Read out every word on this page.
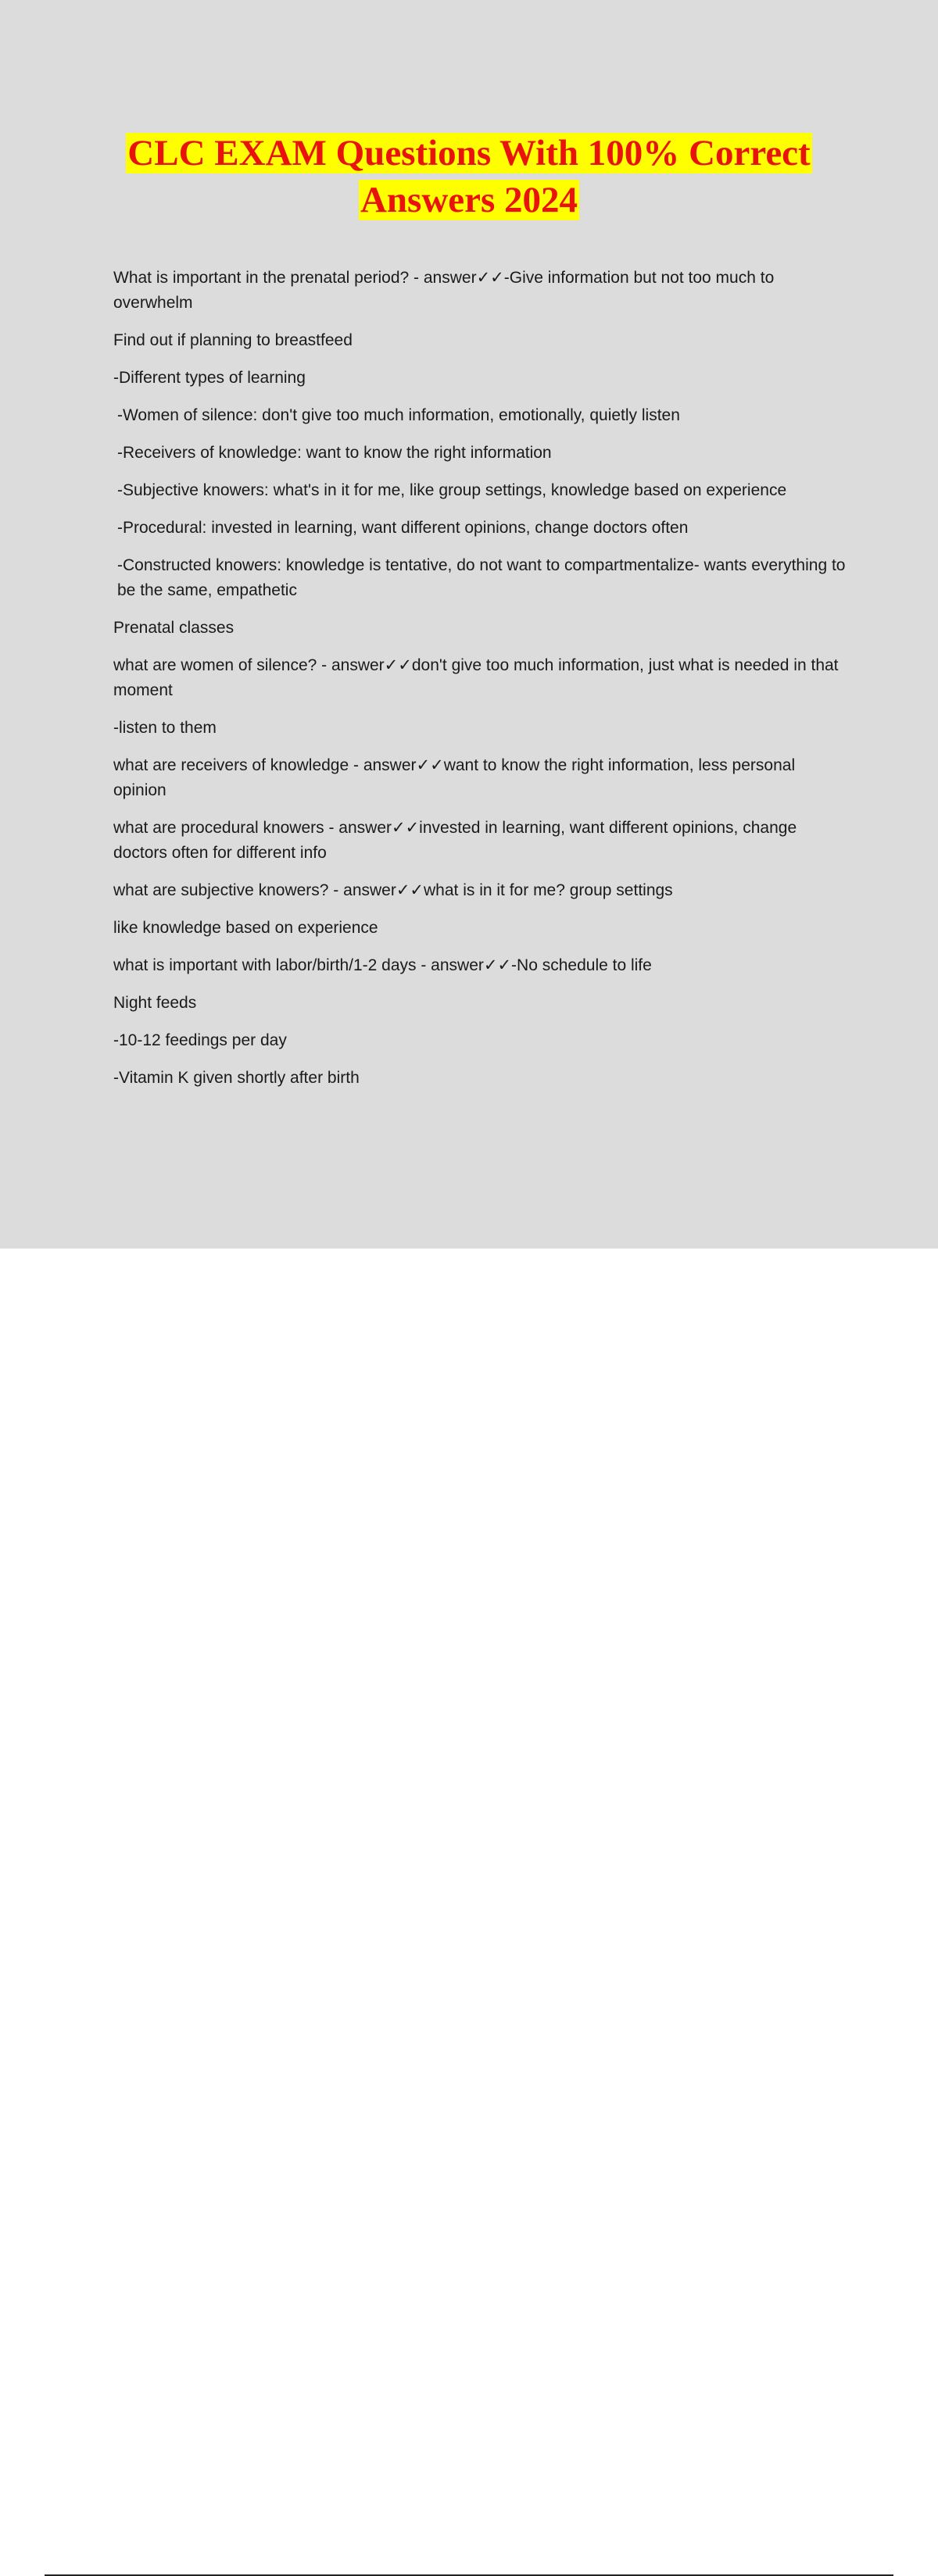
CLC EXAM Questions With 100% Correct
Answers 2024

What is important in the prenatal period? - answer✓✓-Give information but not too much to overwhelm

Find out if planning to breastfeed

-Different types of learning

-Women of silence: don't give too much information, emotionally, quietly listen

-Receivers of knowledge: want to know the right information

-Subjective knowers: what's in it for me, like group settings, knowledge based on experience

-Procedural: invested in learning, want different opinions, change doctors often

-Constructed knowers: knowledge is tentative, do not want to compartmentalize- wants everything to be the same, empathetic

Prenatal classes

what are women of silence? - answer✓✓don't give too much information, just what is needed in that moment

-listen to them

what are receivers of knowledge - answer✓✓want to know the right information, less personal opinion

what are procedural knowers - answer✓✓invested in learning, want different opinions, change doctors often for different info

what are subjective knowers? - answer✓✓what is in it for me? group settings

like knowledge based on experience

what is important with labor/birth/1-2 days - answer✓✓-No schedule to life

Night feeds

-10-12 feedings per day

-Vitamin K given shortly after birth
